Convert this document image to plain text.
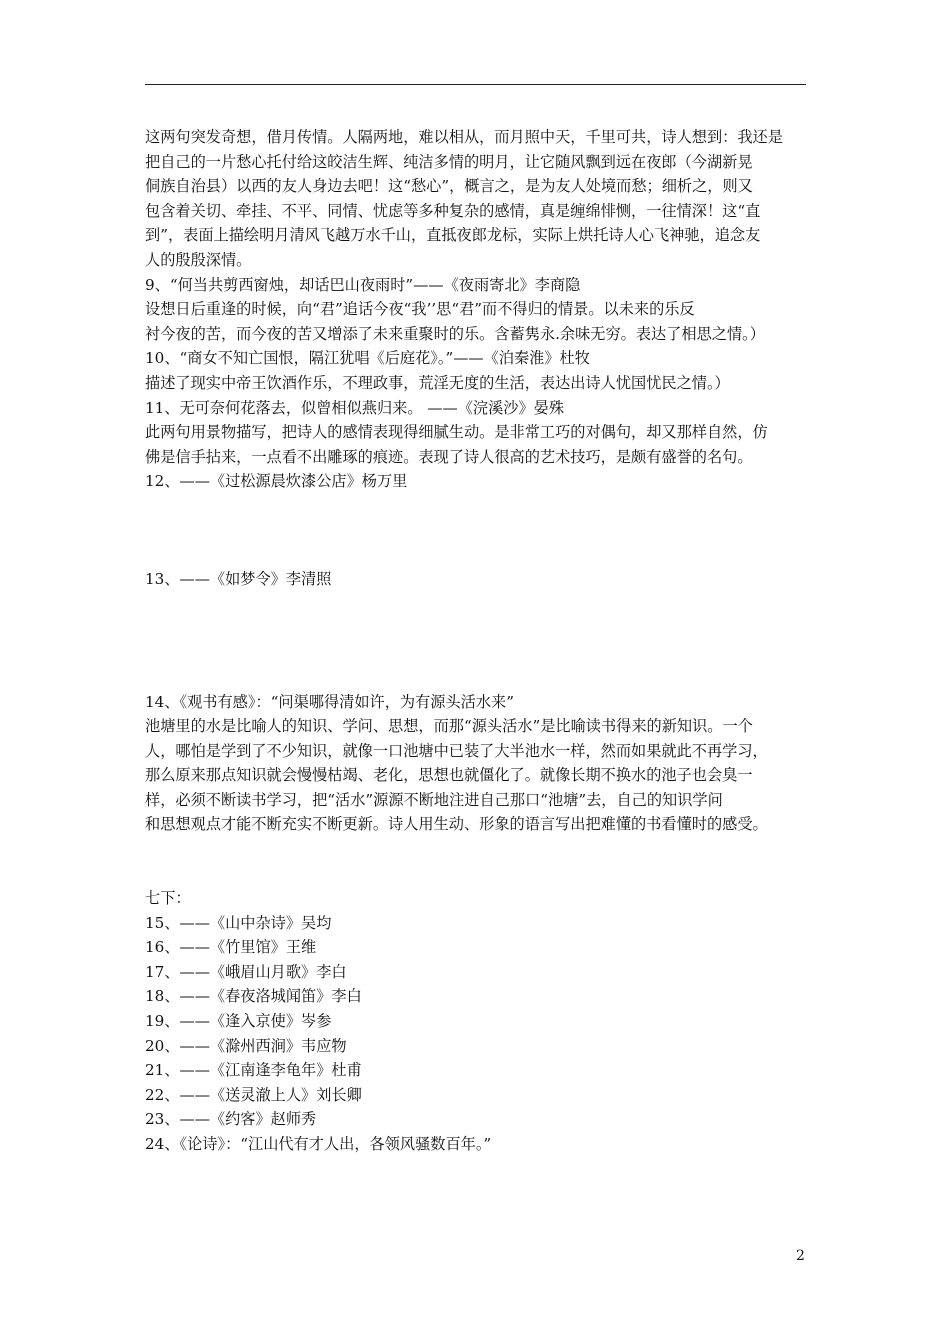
这两句突发奇想，借月传情。人隔两地，难以相从，而月照中天，千里可共，诗人想到：我还是
把自己的一片愁心托付给这皎洁生辉、纯洁多情的明月，让它随风飘到远在夜郎（今湖新晃
侗族自治县）以西的友人身边去吧！这“愁心”，概言之，是为友人处境而愁；细析之，则又
包含着关切、牵挂、不平、同情、忧虑等多种复杂的感情，真是缠绵悱恻，一往情深！这“直
到”，表面上描绘明月清风飞越万水千山，直抵夜郎龙标，实际上烘托诗人心飞神驰，追念友
人的殷殷深情。
9、“何当共剪西窗烛，却话巴山夜雨时”——《夜雨寄北》李商隐
设想日后重逢的时候，向“君”追话今夜“我’’思“君”而不得归的情景。以未来的乐反
衬今夜的苦，而今夜的苦又增添了未来重聚时的乐。含蓄隽永.余味无穷。表达了相思之情。）
10、“商女不知亡国恨，隔江犹唱《后庭花》。”——《泊秦淮》杜牧
描述了现实中帝王饮酒作乐，不理政事，荒淫无度的生活，表达出诗人忧国忧民之情。）
11、无可奈何花落去，似曾相似燕归来。 ——《浣溪沙》晏殊
此两句用景物描写，把诗人的感情表现得细腻生动。是非常工巧的对偶句，却又那样自然，仿
佛是信手拈来，一点看不出雕琢的痕迹。表现了诗人很高的艺术技巧，是颇有盛誉的名句。
12、——《过松源晨炊漆公店》杨万里
13、——《如梦令》李清照
14、《观书有感》：“问渠哪得清如许，为有源头活水来”
池塘里的水是比喻人的知识、学问、思想，而那“源头活水”是比喻读书得来的新知识。一个
人，哪怕是学到了不少知识，就像一口池塘中已装了大半池水一样，然而如果就此不再学习，
那么原来那点知识就会慢慢枯竭、老化，思想也就僵化了。就像长期不换水的池子也会臭一
样，必须不断读书学习，把“活水”源源不断地注进自己那口“池塘”去，自己的知识学问
和思想观点才能不断充实不断更新。诗人用生动、形象的语言写出把难懂的书看懂时的感受。
七下：
15、——《山中杂诗》吴均
16、——《竹里馆》王维
17、——《峨眉山月歌》李白
18、——《春夜洛城闻笛》李白
19、——《逢入京使》岑参
20、——《滁州西涧》韦应物
21、——《江南逢李龟年》杜甫
22、——《送灵澈上人》刘长卿
23、——《约客》赵师秀
24、《论诗》：“江山代有才人出，各领风骚数百年。”
2
